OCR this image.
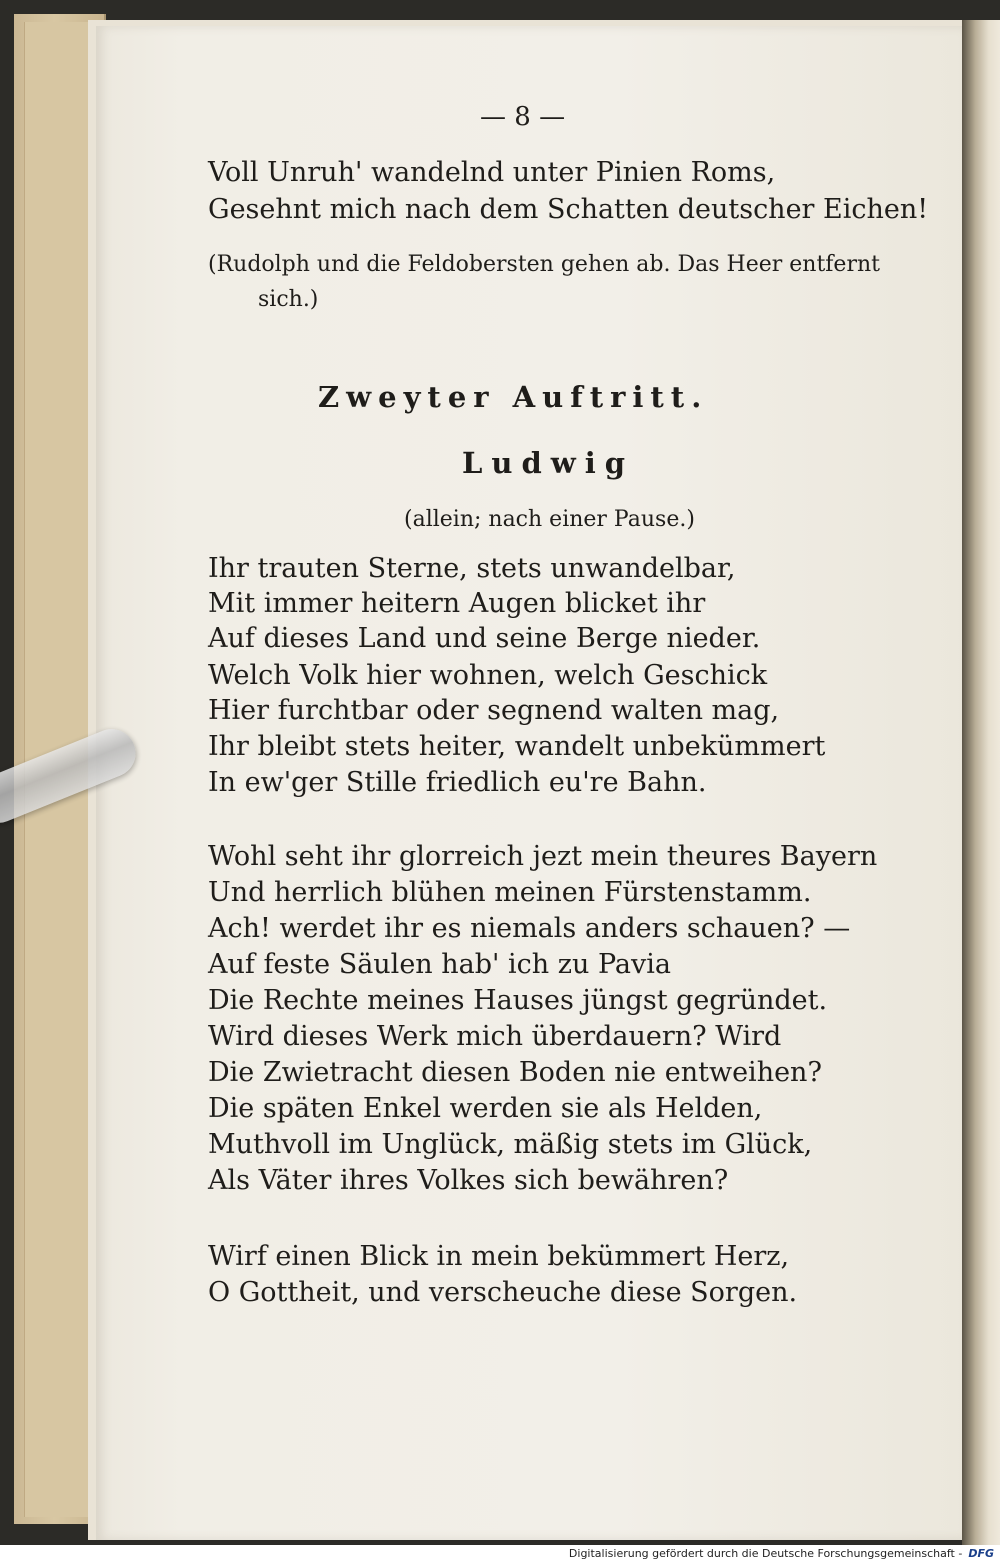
— 8 —
Voll Unruh' wandelnd unter Pinien Roms,
Gesehnt mich nach dem Schatten deutscher Eichen!
(Rudolph und die Feldobersten gehen ab. Das Heer entfernt
sich.)
Zweyter Auftritt.
Ludwig
(allein; nach einer Pause.)
Ihr trauten Sterne, stets unwandelbar,
Mit immer heitern Augen blicket ihr
Auf dieses Land und seine Berge nieder.
Welch Volk hier wohnen, welch Geschick
Hier furchtbar oder segnend walten mag,
Ihr bleibt stets heiter, wandelt unbekümmert
In ew'ger Stille friedlich eu're Bahn.
Wohl seht ihr glorreich jezt mein theures Bayern
Und herrlich blühen meinen Fürstenstamm.
Ach! werdet ihr es niemals anders schauen? —
Auf feste Säulen hab' ich zu Pavia
Die Rechte meines Hauses jüngst gegründet.
Wird dieses Werk mich überdauern? Wird
Die Zwietracht diesen Boden nie entweihen?
Die späten Enkel werden sie als Helden,
Muthvoll im Unglück, mäßig stets im Glück,
Als Väter ihres Volkes sich bewähren?
Wirf einen Blick in mein bekümmert Herz,
O Gottheit, und verscheuche diese Sorgen.
Digitalisierung gefördert durch die Deutsche Forschungsgemeinschaft - DFG
